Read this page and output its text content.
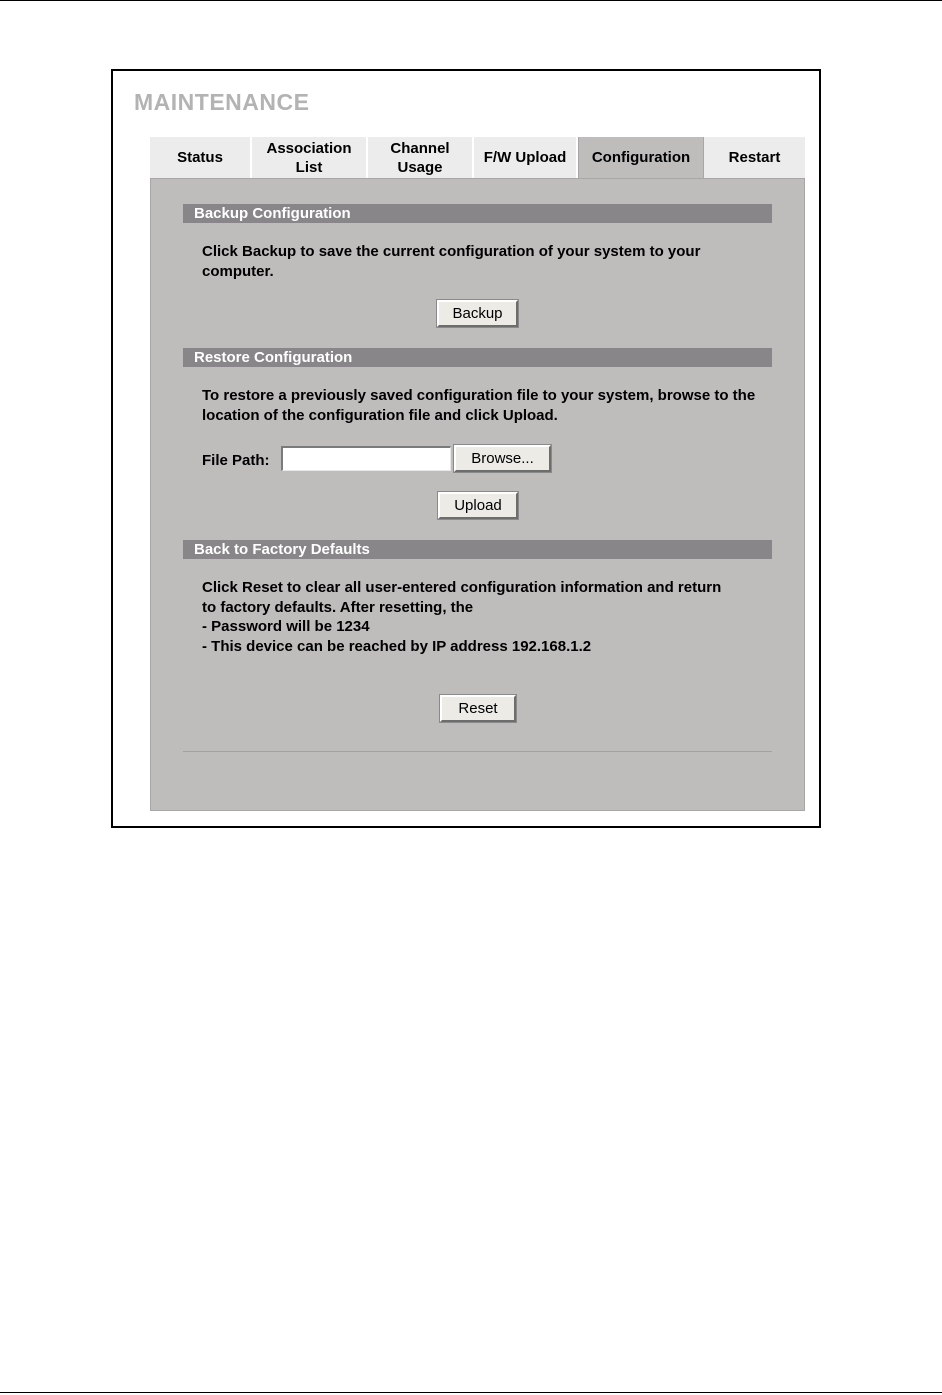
MAINTENANCE
Status
Association
List
Channel
Usage
F/W Upload Configuration	Restart
Backup Configuration
Click Backup to save the current configuration of your system to your computer.
Backup
Restore Configuration
To restore a previously saved configuration file to your system, browse to the location of the configuration file and click Upload.
File Path:	Browse...
Upload
Back to Factory Defaults
Click Reset to clear all user-entered configuration information and return
to factory defaults. After resetting, the
- Password will be 1234
- This device can be reached by IP address 192.168.1.2
Reset
